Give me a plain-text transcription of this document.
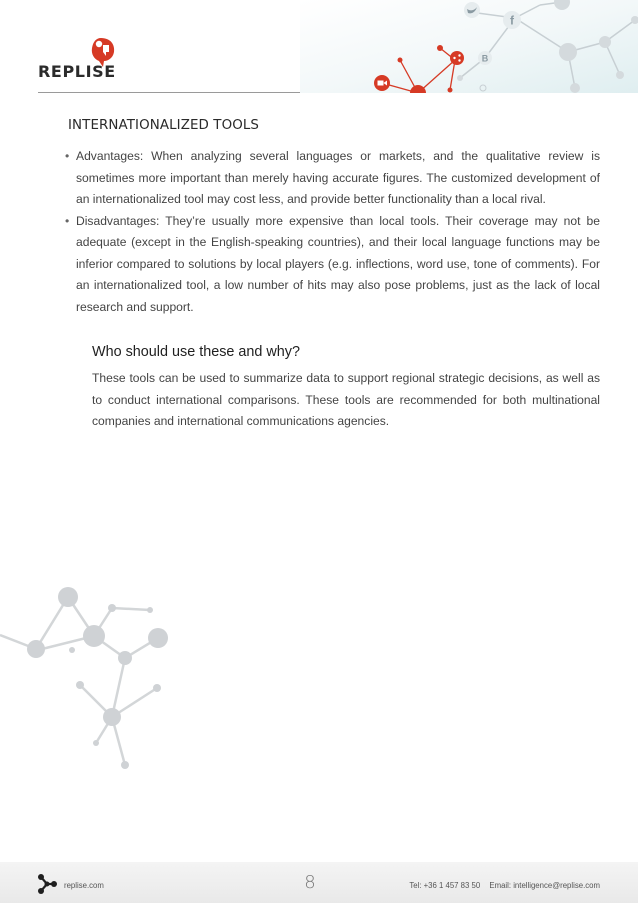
REPLISE
f
B
INTERNATIONALIZED TOOLS
• Advantages: When analyzing several languages or markets, and the qualitative review is sometimes more important than merely having accurate figures. The customized development of an internationalized tool may cost less, and provide better functionality than a local rival.
• Disadvantages: They’re usually more expensive than local tools. Their coverage may not be adequate (except in the English-speaking countries), and their local language functions may be inferior compared to solutions by local players (e.g. inflections, word use, tone of comments). For an internationalized tool, a low number of hits may also pose problems, just as the lack of local research and support.
Who should use these and why?
These tools can be used to summarize data to support regional strategic decisions, as well as to conduct international comparisons. These tools are recommended for both multinational companies and international communications agencies.
replise.com	8	Tel: +36 1 457 83 50 Email: intelligence@replise.com
